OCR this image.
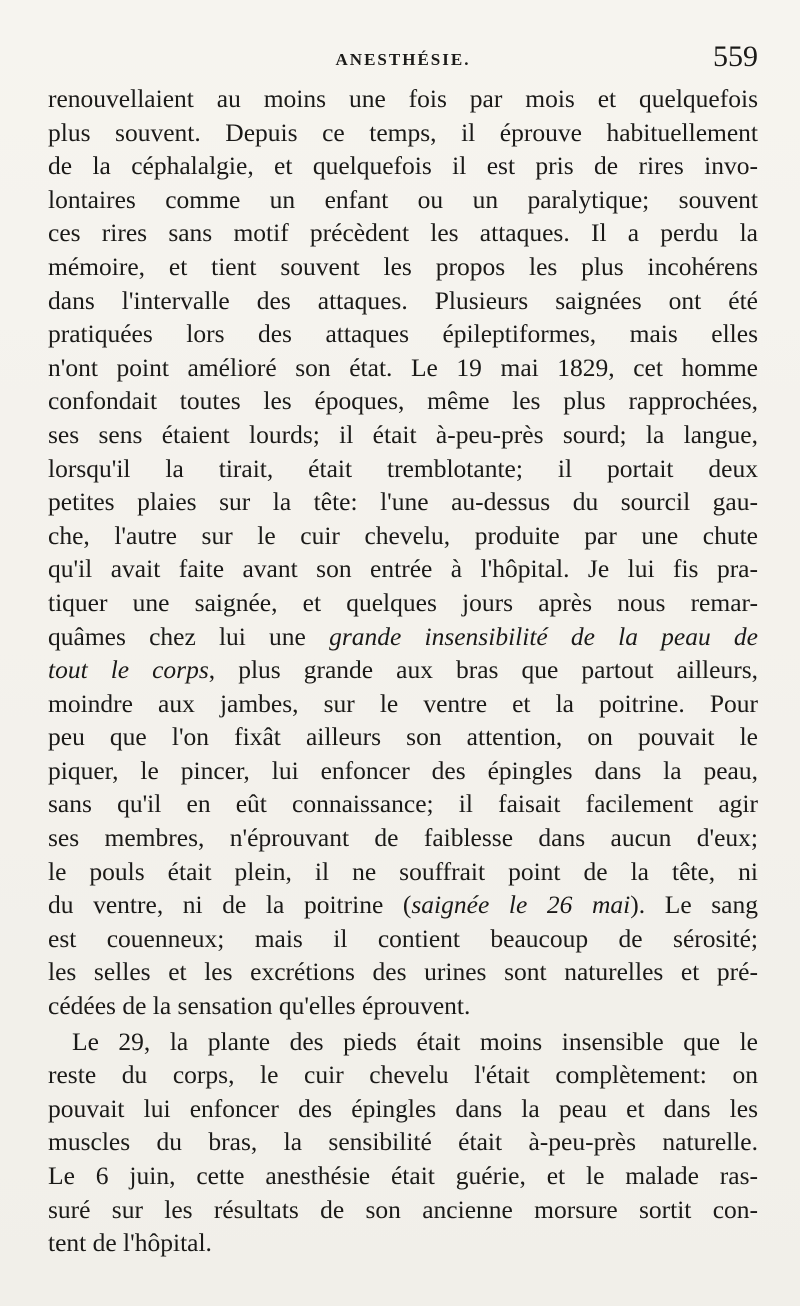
ANESTHÉSIE.	559
renouvellaient au moins une fois par mois et quelquefois
plus souvent. Depuis ce temps, il éprouve habituellement
de la céphalalgie, et quelquefois il est pris de rires invo-
lontaires comme un enfant ou un paralytique; souvent
ces rires sans motif précèdent les attaques. Il a perdu la
mémoire, et tient souvent les propos les plus incohérens
dans l'intervalle des attaques. Plusieurs saignées ont été
pratiquées lors des attaques épileptiformes, mais elles
n'ont point amélioré son état. Le 19 mai 1829, cet homme
confondait toutes les époques, même les plus rapprochées,
ses sens étaient lourds; il était à-peu-près sourd; la langue,
lorsqu'il la tirait, était tremblotante; il portait deux
petites plaies sur la tête: l'une au-dessus du sourcil gau-
che, l'autre sur le cuir chevelu, produite par une chute
qu'il avait faite avant son entrée à l'hôpital. Je lui fis pra-
tiquer une saignée, et quelques jours après nous remar-
quâmes chez lui une grande insensibilité de la peau de
tout le corps, plus grande aux bras que partout ailleurs,
moindre aux jambes, sur le ventre et la poitrine. Pour
peu que l'on fixât ailleurs son attention, on pouvait le
piquer, le pincer, lui enfoncer des épingles dans la peau,
sans qu'il en eût connaissance; il faisait facilement agir
ses membres, n'éprouvant de faiblesse dans aucun d'eux;
le pouls était plein, il ne souffrait point de la tête, ni
du ventre, ni de la poitrine (saignée le 26 mai). Le sang
est couenneux; mais il contient beaucoup de sérosité;
les selles et les excrétions des urines sont naturelles et pré-
cédées de la sensation qu'elles éprouvent.
Le 29, la plante des pieds était moins insensible que le
reste du corps, le cuir chevelu l'était complètement: on
pouvait lui enfoncer des épingles dans la peau et dans les
muscles du bras, la sensibilité était à-peu-près naturelle.
Le 6 juin, cette anesthésie était guérie, et le malade ras-
suré sur les résultats de son ancienne morsure sortit con-
tent de l'hôpital.
